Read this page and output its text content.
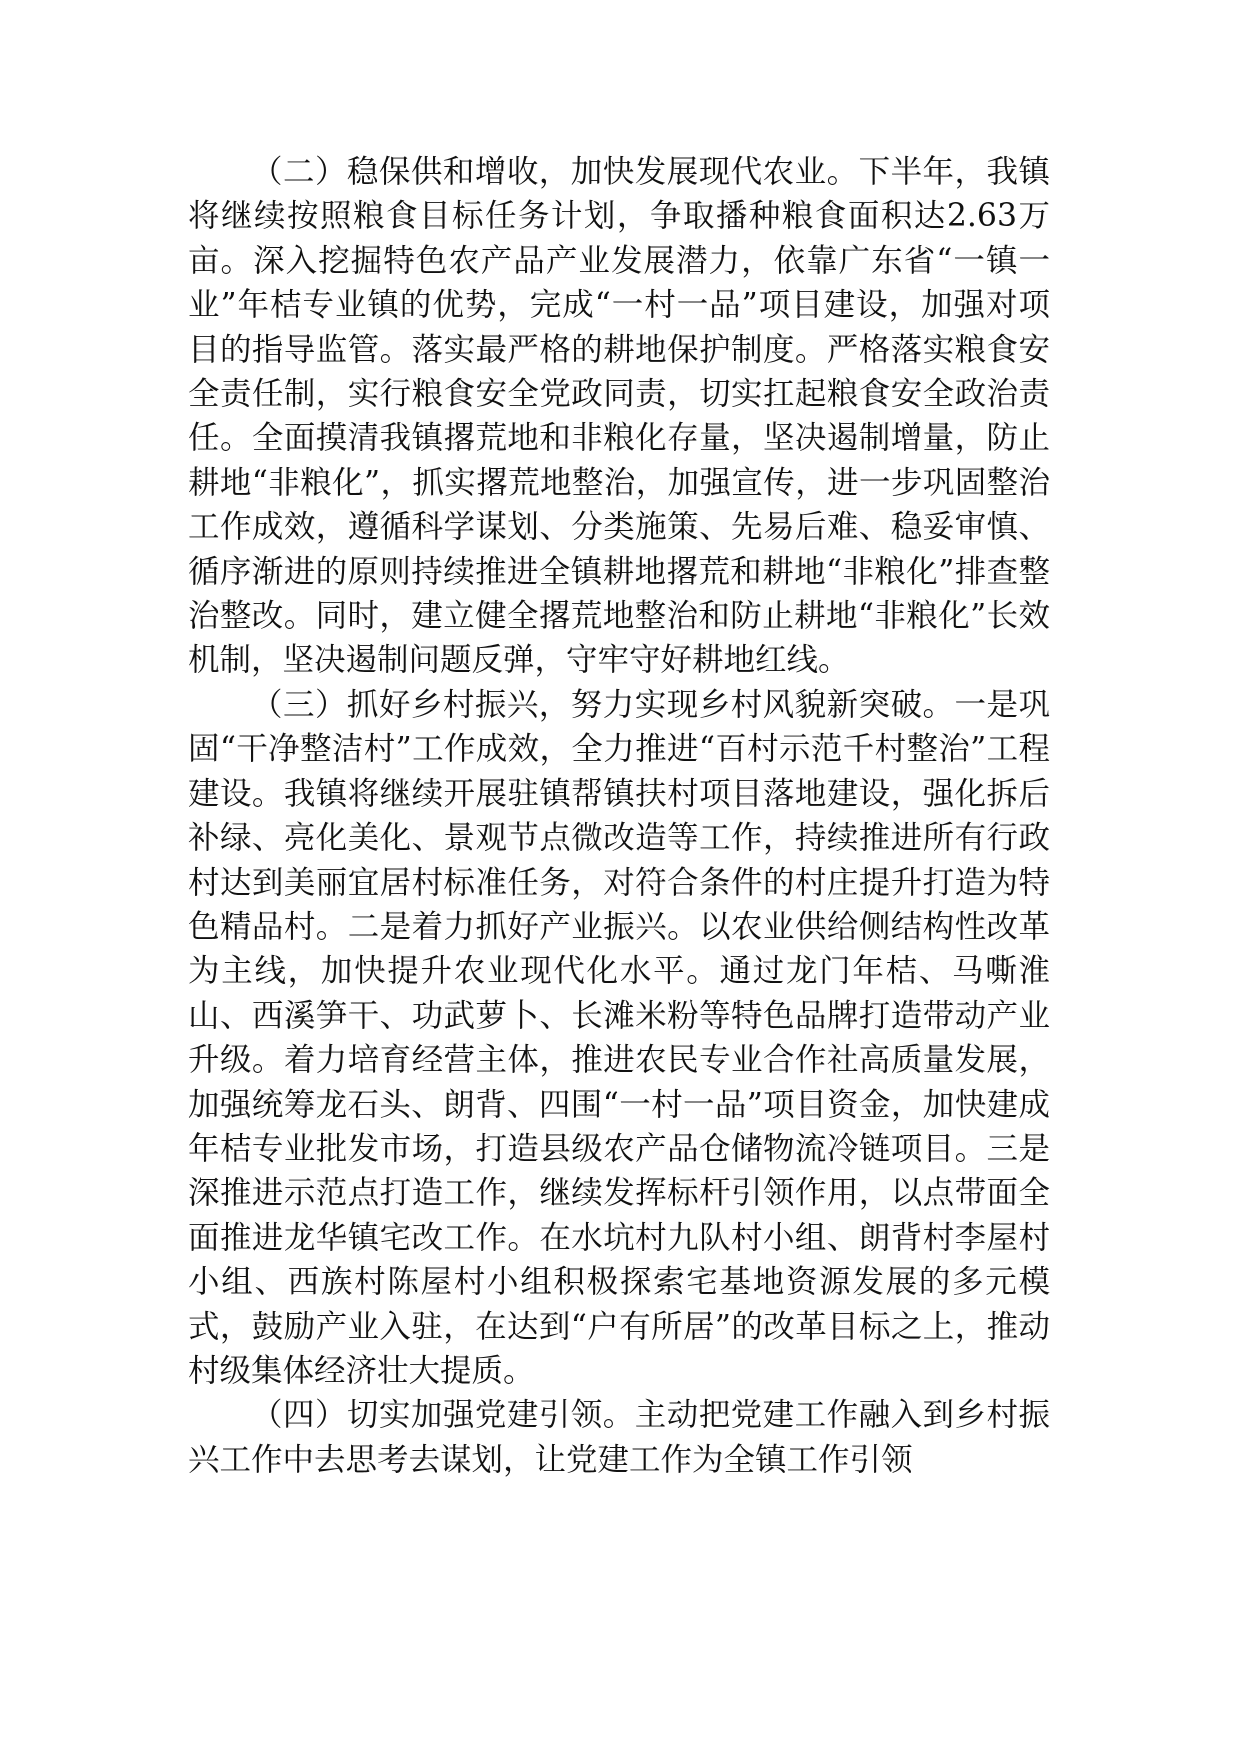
（二）稳保供和增收，加快发展现代农业。下半年，我镇将继续按照粮食目标任务计划，争取播种粮食面积达2.63万亩。深入挖掘特色农产品产业发展潜力，依靠广东省“一镇一业”年桔专业镇的优势，完成“一村一品”项目建设，加强对项目的指导监管。落实最严格的耕地保护制度。严格落实粮食安全责任制，实行粮食安全党政同责，切实扛起粮食安全政治责任。全面摸清我镇撂荒地和非粮化存量，坚决遏制增量，防止耕地“非粮化”，抓实撂荒地整治，加强宣传，进一步巩固整治工作成效，遵循科学谋划、分类施策、先易后难、稳妥审慎、循序渐进的原则持续推进全镇耕地撂荒和耕地“非粮化”排查整治整改。同时，建立健全撂荒地整治和防止耕地“非粮化”长效机制，坚决遏制问题反弹，守牢守好耕地红线。

（三）抓好乡村振兴，努力实现乡村风貌新突破。一是巩固“干净整洁村”工作成效，全力推进“百村示范千村整治”工程建设。我镇将继续开展驻镇帮镇扶村项目落地建设，强化拆后补绿、亮化美化、景观节点微改造等工作，持续推进所有行政村达到美丽宜居村标准任务，对符合条件的村庄提升打造为特色精品村。二是着力抓好产业振兴。以农业供给侧结构性改革为主线，加快提升农业现代化水平。通过龙门年桔、马嘶淮山、西溪笋干、功武萝卜、长滩米粉等特色品牌打造带动产业升级。着力培育经营主体，推进农民专业合作社高质量发展，加强统筹龙石头、朗背、四围“一村一品”项目资金，加快建成年桔专业批发市场，打造县级农产品仓储物流冷链项目。三是深推进示范点打造工作，继续发挥标杆引领作用，以点带面全面推进龙华镇宅改工作。在水坑村九队村小组、朗背村李屋村小组、西族村陈屋村小组积极探索宅基地资源发展的多元模式，鼓励产业入驻，在达到“户有所居”的改革目标之上，推动村级集体经济壮大提质。

（四）切实加强党建引领。主动把党建工作融入到乡村振兴工作中去思考去谋划，让党建工作为全镇工作引领
